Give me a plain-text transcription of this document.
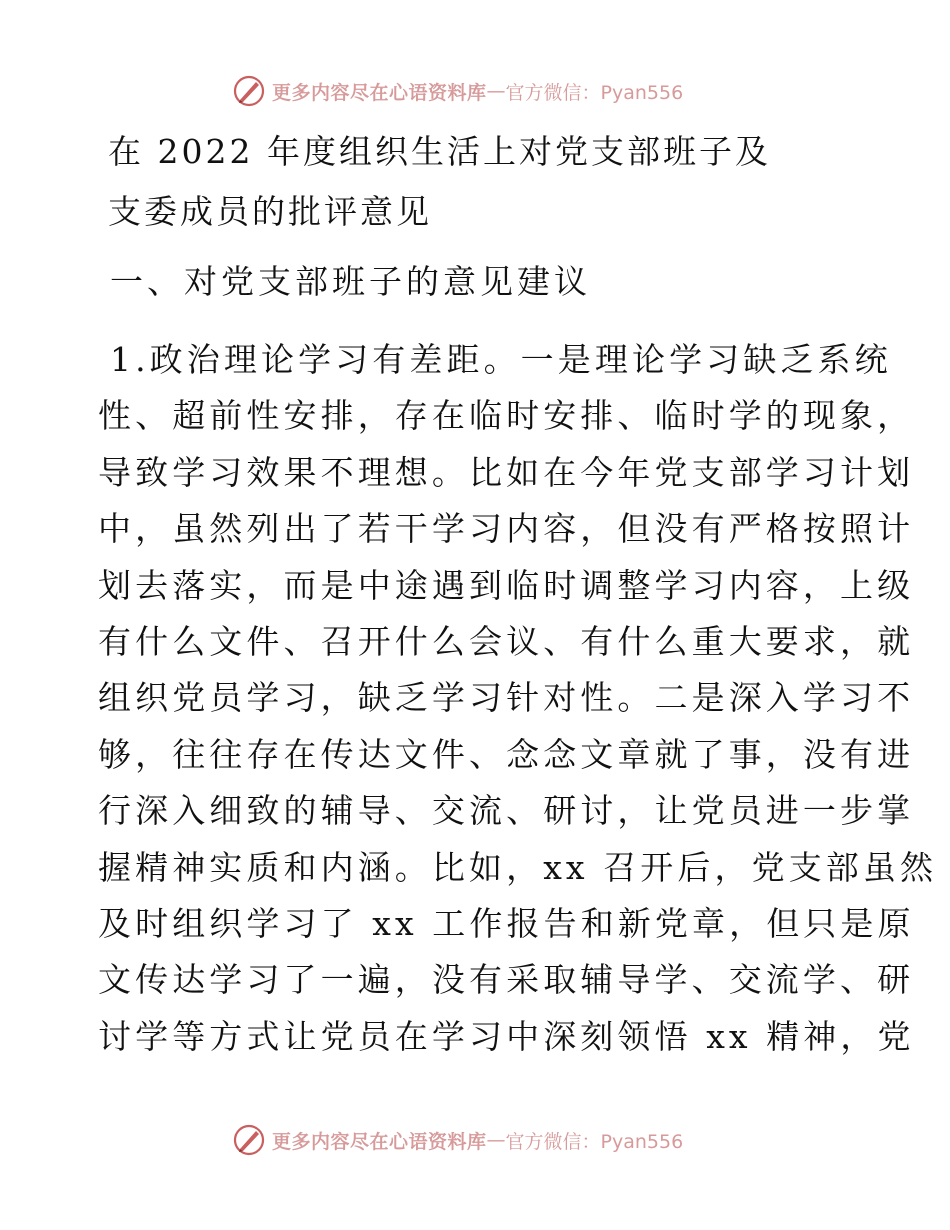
更多内容尽在心语资料库 — 官方微信：Pyan556

在 2022 年度组织生活上对党支部班子及

支委成员的批评意见

一、对党支部班子的意见建议

1.政治理论学习有差距。一是理论学习缺乏系统
性、超前性安排，存在临时安排、临时学的现象，
导致学习效果不理想。比如在今年党支部学习计划
中，虽然列出了若干学习内容，但没有严格按照计
划去落实，而是中途遇到临时调整学习内容，上级
有什么文件、召开什么会议、有什么重大要求，就
组织党员学习，缺乏学习针对性。二是深入学习不
够，往往存在传达文件、念念文章就了事，没有进
行深入细致的辅导、交流、研讨，让党员进一步掌
握精神实质和内涵。比如，xx 召开后，党支部虽然
及时组织学习了 xx 工作报告和新党章，但只是原
文传达学习了一遍，没有采取辅导学、交流学、研
讨学等方式让党员在学习中深刻领悟 xx 精神，党

更多内容尽在心语资料库 — 官方微信：Pyan556
